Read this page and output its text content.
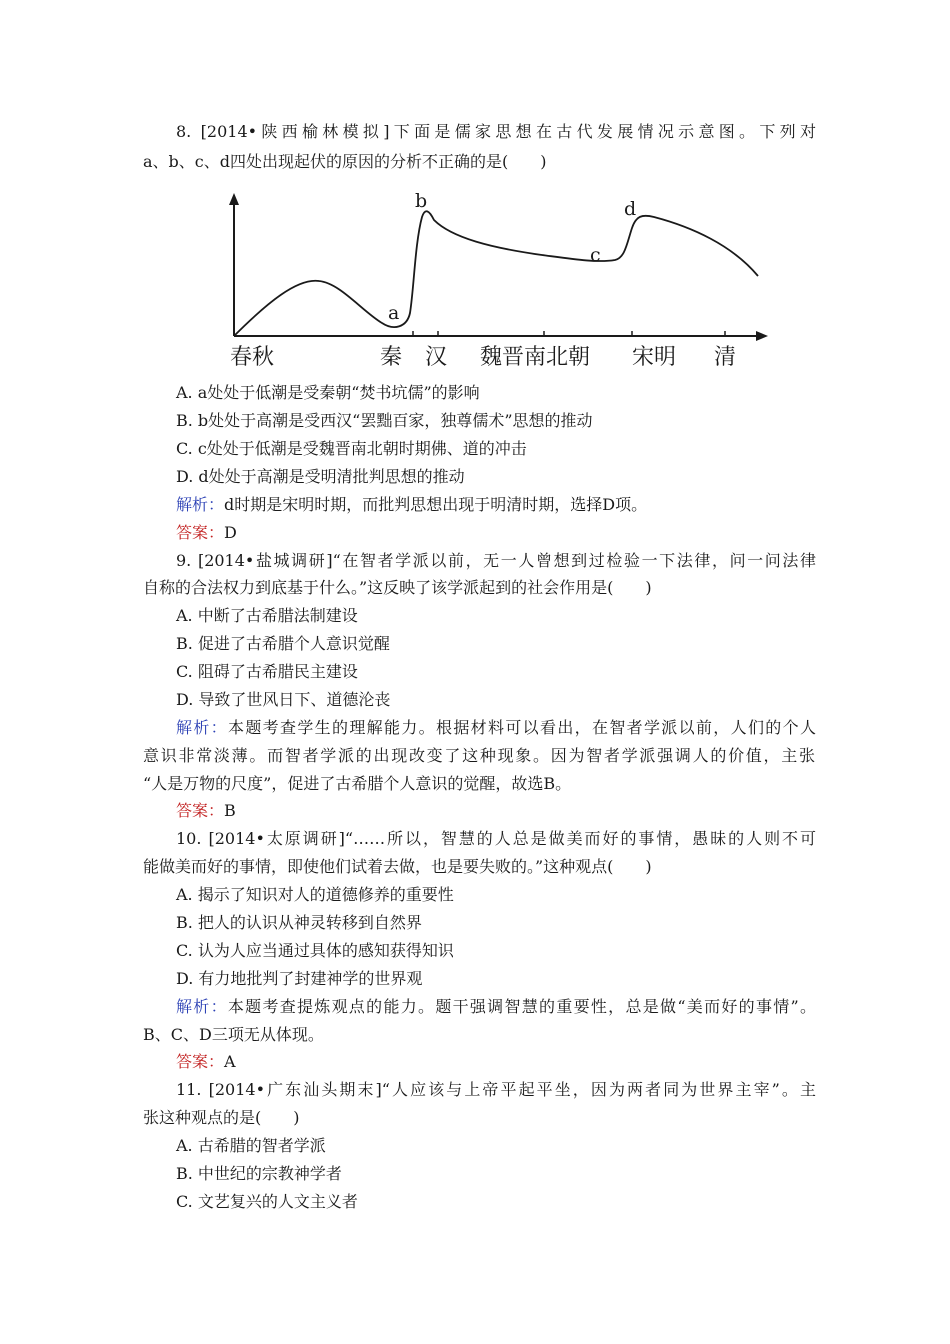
8. [2014•陕西榆林模拟]下面是儒家思想在古代发展情况示意图。下列对
a、b、c、d四处出现起伏的原因的分析不正确的是(　　)
a
b
c
d
春秋	秦 汉 魏晋南北朝 宋明 清
A. a处处于低潮是受秦朝“焚书坑儒”的影响
B. b处处于高潮是受西汉“罢黜百家，独尊儒术”思想的推动
C. c处处于低潮是受魏晋南北朝时期佛、道的冲击
D. d处处于高潮是受明清批判思想的推动
解析：d时期是宋明时期，而批判思想出现于明清时期，选择D项。
答案：D
9. [2014•盐城调研]“在智者学派以前，无一人曾想到过检验一下法律，问一问法律
自称的合法权力到底基于什么。”这反映了该学派起到的社会作用是(　　)
A. 中断了古希腊法制建设
B. 促进了古希腊个人意识觉醒
C. 阻碍了古希腊民主建设
D. 导致了世风日下、道德沦丧
解析：本题考查学生的理解能力。根据材料可以看出，在智者学派以前，人们的个人
意识非常淡薄。而智者学派的出现改变了这种现象。因为智者学派强调人的价值，主张
“人是万物的尺度”，促进了古希腊个人意识的觉醒，故选B。
答案：B
10. [2014•太原调研]“……所以，智慧的人总是做美而好的事情，愚昧的人则不可
能做美而好的事情，即使他们试着去做，也是要失败的。”这种观点(　　)
A. 揭示了知识对人的道德修养的重要性
B. 把人的认识从神灵转移到自然界
C. 认为人应当通过具体的感知获得知识
D. 有力地批判了封建神学的世界观
解析：本题考查提炼观点的能力。题干强调智慧的重要性，总是做“美而好的事情”。
B、C、D三项无从体现。
答案：A
11. [2014•广东汕头期末]“人应该与上帝平起平坐，因为两者同为世界主宰”。主
张这种观点的是(　　)
A. 古希腊的智者学派
B. 中世纪的宗教神学者
C. 文艺复兴的人文主义者
